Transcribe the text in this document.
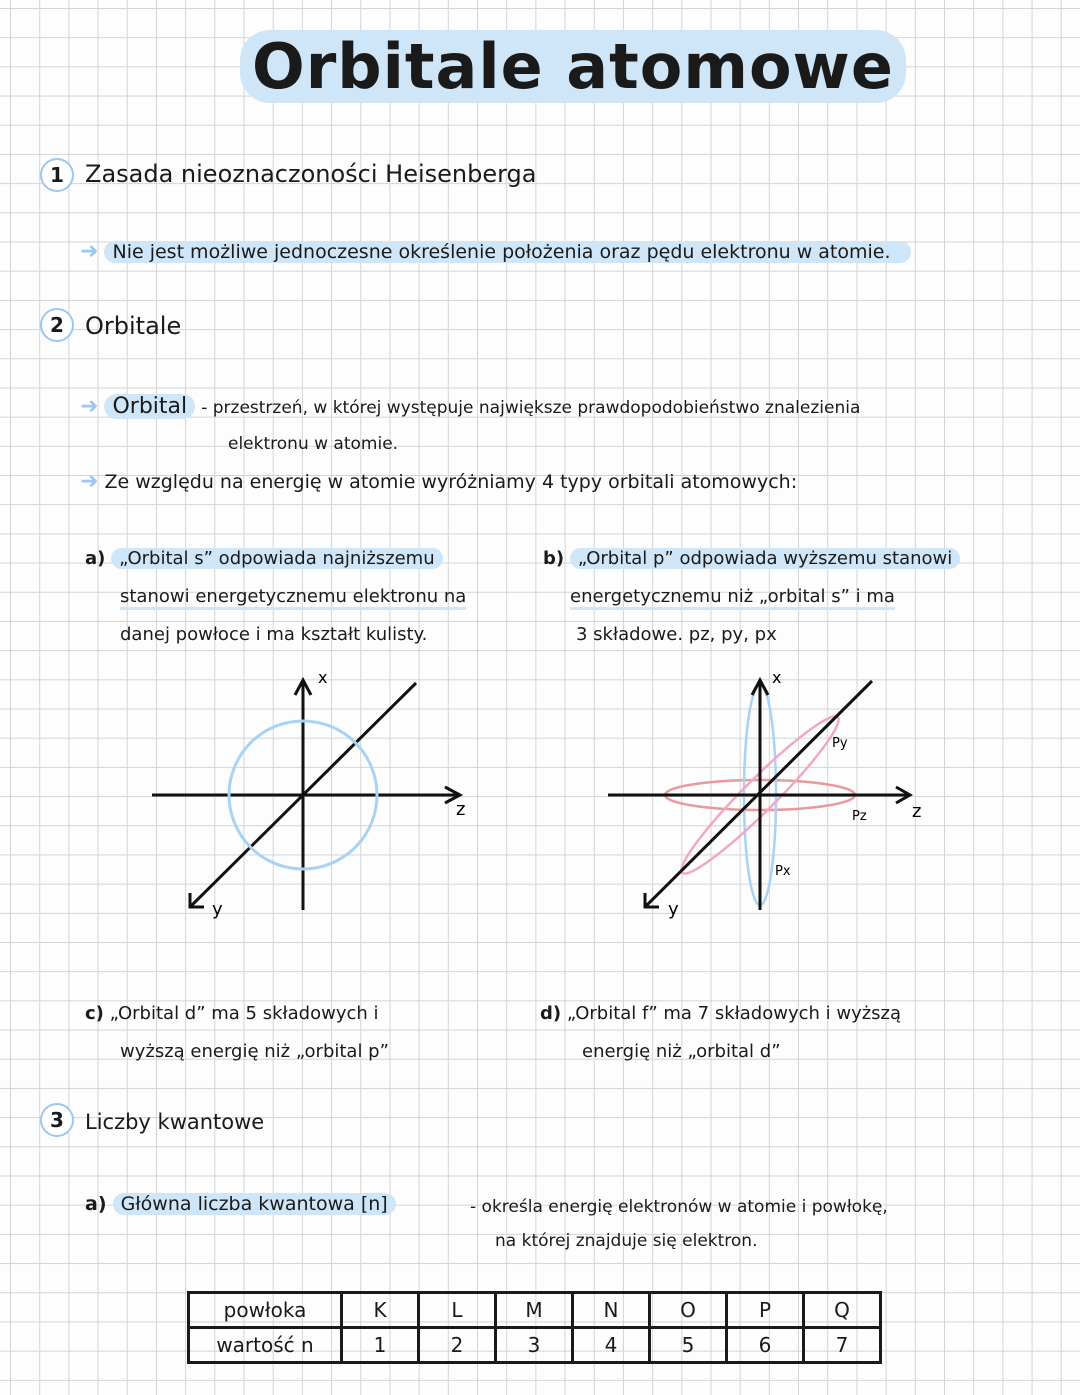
Orbitale atomowe
1 Zasada nieoznaczoności Heisenberga
➜ Nie jest możliwe jednoczesne określenie położenia oraz pędu elektronu w atomie.
2 Orbitale
➜ Orbital - przestrzeń, w której występuje największe prawdopodobieństwo znalezienia
elektronu w atomie.
➜ Ze względu na energię w atomie wyróżniamy 4 typy orbitali atomowych:
a) „Orbital s” odpowiada najniższemu
stanowi energetycznemu elektronu na
danej powłoce i ma kształt kulisty.
b) „Orbital p” odpowiada wyższemu stanowi
energetycznemu niż „orbital s” i ma
3 składowe. pz, py, px
x
z
y
x
z
y
Py
Pz
Px
c) „Orbital d” ma 5 składowych i
wyższą energię niż „orbital p”
d) „Orbital f” ma 7 składowych i wyższą
energię niż „orbital d”
3	Liczby kwantowe
a) Główna liczba kwantowa [n]	- określa energię elektronów w atomie i powłokę,
na której znajduje się elektron.
powłoka	K	L	M	N	O	P	Q
wartość n	1	2	3	4	5	6	7
